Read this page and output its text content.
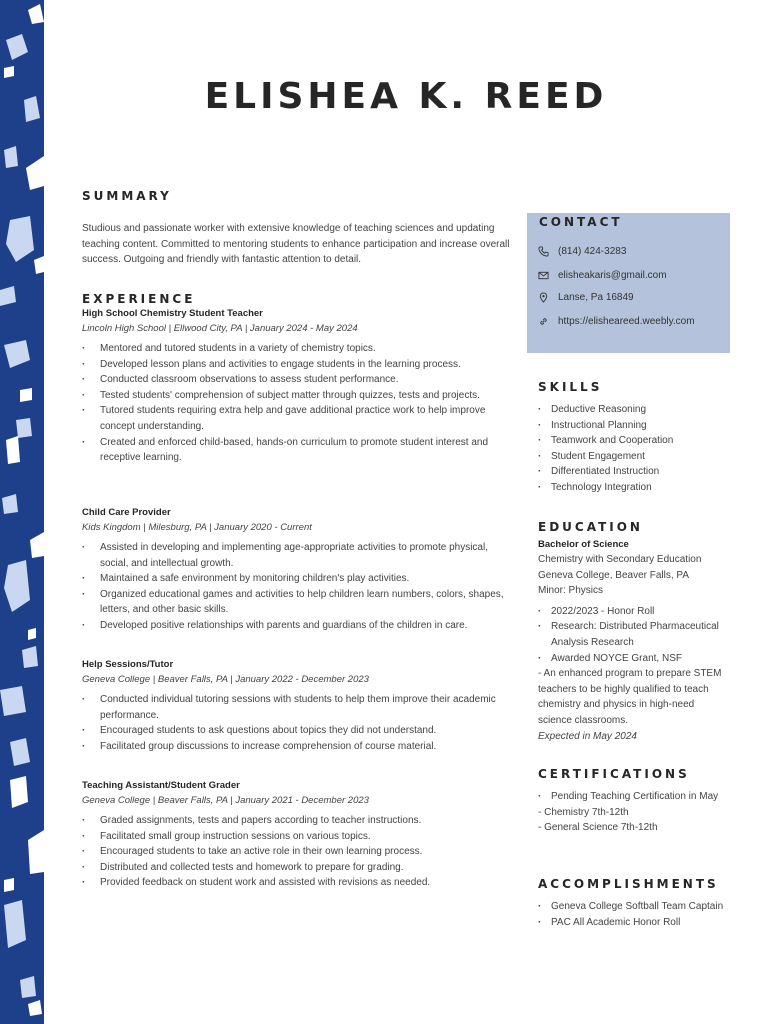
ELISHEA K. REED
SUMMARY
Studious and passionate worker with extensive knowledge of teaching sciences and updating teaching content. Committed to mentoring students to enhance participation and increase overall success. Outgoing and friendly with fantastic attention to detail.
EXPERIENCE
High School Chemistry Student Teacher
Lincoln High School | Ellwood City, PA | January 2024 - May 2024
· Mentored and tutored students in a variety of chemistry topics.
· Developed lesson plans and activities to engage students in the learning process.
· Conducted classroom observations to assess student performance.
· Tested students' comprehension of subject matter through quizzes, tests and projects.
· Tutored students requiring extra help and gave additional practice work to help improve concept understanding.
· Created and enforced child-based, hands-on curriculum to promote student interest and receptive learning.
Child Care Provider
Kids Kingdom | Milesburg, PA | January 2020 - Current
· Assisted in developing and implementing age-appropriate activities to promote physical, social, and intellectual growth.
· Maintained a safe environment by monitoring children's play activities.
· Organized educational games and activities to help children learn numbers, colors, shapes, letters, and other basic skills.
· Developed positive relationships with parents and guardians of the children in care.
Help Sessions/Tutor
Geneva College | Beaver Falls, PA | January 2022 - December 2023
· Conducted individual tutoring sessions with students to help them improve their academic performance.
· Encouraged students to ask questions about topics they did not understand.
· Facilitated group discussions to increase comprehension of course material.
Teaching Assistant/Student Grader
Geneva College | Beaver Falls, PA | January 2021 - December 2023
· Graded assignments, tests and papers according to teacher instructions.
· Facilitated small group instruction sessions on various topics.
· Encouraged students to take an active role in their own learning process.
· Distributed and collected tests and homework to prepare for grading.
· Provided feedback on student work and assisted with revisions as needed.
CONTACT
(814) 424-3283
elisheakaris@gmail.com
Lanse, Pa 16849
https://elisheareed.weebly.com
SKILLS
· Deductive Reasoning
· Instructional Planning
· Teamwork and Cooperation
· Student Engagement
· Differentiated Instruction
· Technology Integration
EDUCATION
Bachelor of Science
Chemistry with Secondary Education
Geneva College, Beaver Falls, PA
Minor: Physics
· 2022/2023 - Honor Roll
· Research: Distributed Pharmaceutical Analysis Research
· Awarded NOYCE Grant, NSF
- An enhanced program to prepare STEM teachers to be highly qualified to teach chemistry and physics in high-need science classrooms.
Expected in May 2024
CERTIFICATIONS
· Pending Teaching Certification in May
- Chemistry 7th-12th
- General Science 7th-12th
ACCOMPLISHMENTS
· Geneva College Softball Team Captain
· PAC All Academic Honor Roll
